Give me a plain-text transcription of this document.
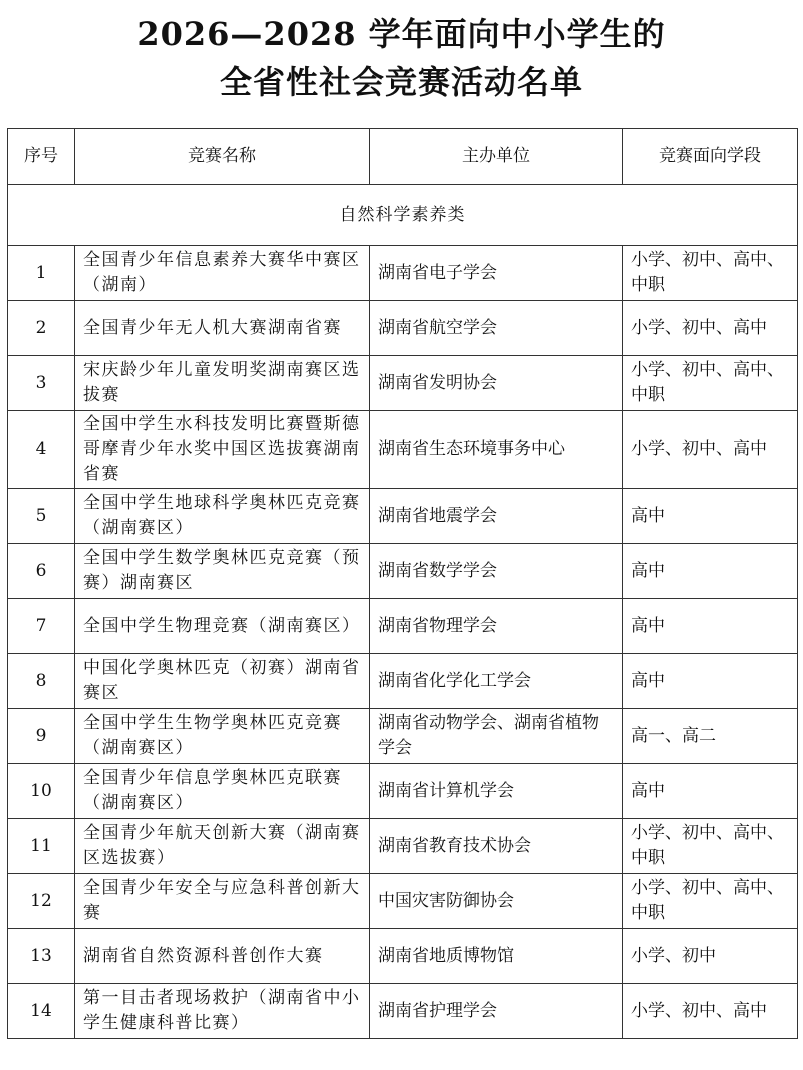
2026—2028 学年面向中小学生的
全省性社会竞赛活动名单
序号	竞赛名称	主办单位	竞赛面向学段
自然科学素养类			
1	全国青少年信息素养大赛华中赛区（湖南）	湖南省电子学会	小学、初中、高中、中职
2	全国青少年无人机大赛湖南省赛	湖南省航空学会	小学、初中、高中
3	宋庆龄少年儿童发明奖湖南赛区选拔赛	湖南省发明协会	小学、初中、高中、中职
4	全国中学生水科技发明比赛暨斯德哥摩青少年水奖中国区选拔赛湖南省赛	湖南省生态环境事务中心	小学、初中、高中
5	全国中学生地球科学奥林匹克竞赛（湖南赛区）	湖南省地震学会	高中
6	全国中学生数学奥林匹克竞赛（预赛）湖南赛区	湖南省数学学会	高中
7	全国中学生物理竞赛（湖南赛区）	湖南省物理学会	高中
8	中国化学奥林匹克（初赛）湖南省赛区	湖南省化学化工学会	高中
9	全国中学生生物学奥林匹克竞赛（湖南赛区）	湖南省动物学会、湖南省植物学会	高一、高二
10	全国青少年信息学奥林匹克联赛（湖南赛区）	湖南省计算机学会	高中
11	全国青少年航天创新大赛（湖南赛区选拔赛）	湖南省教育技术协会	小学、初中、高中、中职
12	全国青少年安全与应急科普创新大赛	中国灾害防御协会	小学、初中、高中、中职
13	湖南省自然资源科普创作大赛	湖南省地质博物馆	小学、初中
14	第一目击者现场救护（湖南省中小学生健康科普比赛）	湖南省护理学会	小学、初中、高中
